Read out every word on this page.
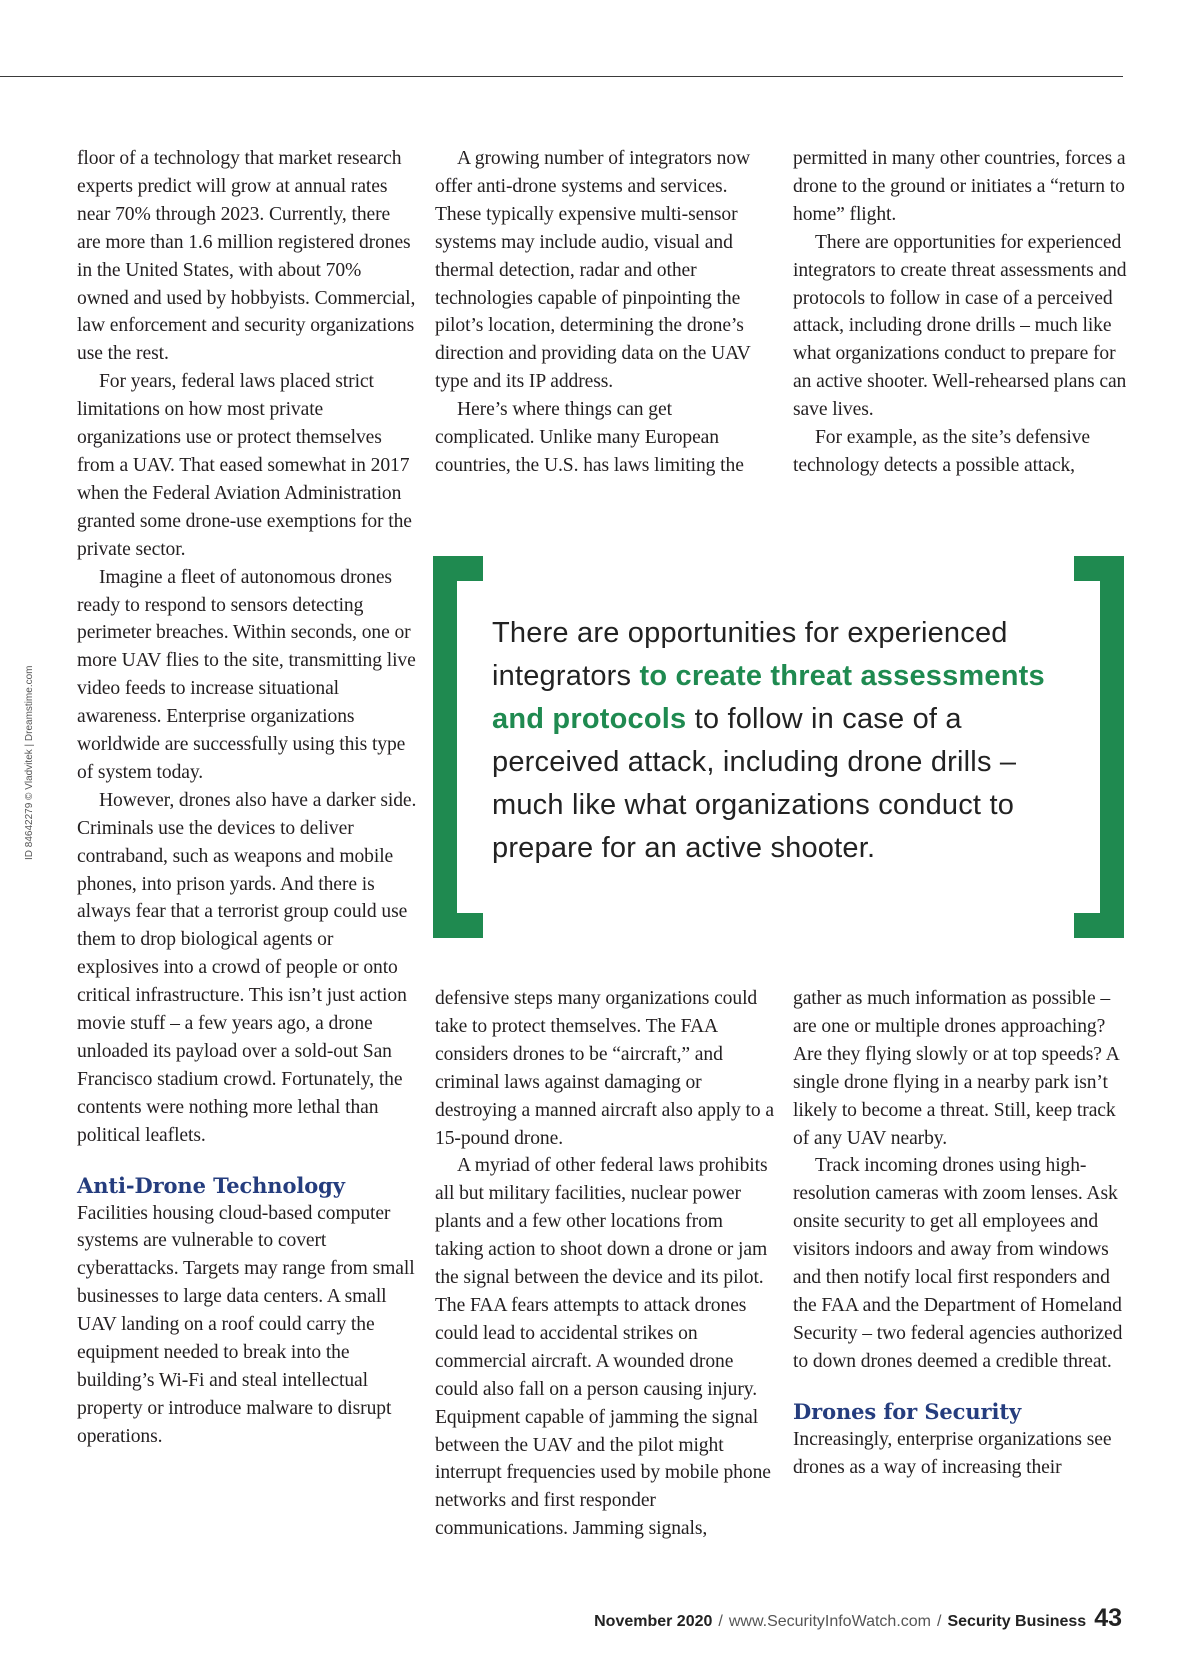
ID 84642279 © Vladvitek | Dreamstime.com

floor of a technology that market research experts predict will grow at annual rates near 70% through 2023. Currently, there are more than 1.6 million registered drones in the United States, with about 70% owned and used by hobbyists. Commercial, law enforcement and security organizations use the rest.

For years, federal laws placed strict limitations on how most private organizations use or protect themselves from a UAV. That eased somewhat in 2017 when the Federal Aviation Administration granted some drone-use exemptions for the private sector.

Imagine a fleet of autonomous drones ready to respond to sensors detecting perimeter breaches. Within seconds, one or more UAV flies to the site, transmitting live video feeds to increase situational awareness. Enterprise organizations worldwide are successfully using this type of system today.

However, drones also have a darker side. Criminals use the devices to deliver contraband, such as weapons and mobile phones, into prison yards. And there is always fear that a terrorist group could use them to drop biological agents or explosives into a crowd of people or onto critical infrastructure. This isn’t just action movie stuff – a few years ago, a drone unloaded its payload over a sold-out San Francisco stadium crowd. Fortunately, the contents were nothing more lethal than political leaflets.

Anti-Drone Technology

Facilities housing cloud-based computer systems are vulnerable to covert cyberattacks. Targets may range from small businesses to large data centers. A small UAV landing on a roof could carry the equipment needed to break into the building’s Wi-Fi and steal intellectual property or introduce malware to disrupt operations.

A growing number of integrators now offer anti-drone systems and services. These typically expensive multi-sensor systems may include audio, visual and thermal detection, radar and other technologies capable of pinpointing the pilot’s location, determining the drone’s direction and providing data on the UAV type and its IP address.

Here’s where things can get complicated. Unlike many European countries, the U.S. has laws limiting the

permitted in many other countries, forces a drone to the ground or initiates a “return to home” flight.

There are opportunities for experienced integrators to create threat assessments and protocols to follow in case of a perceived attack, including drone drills – much like what organizations conduct to prepare for an active shooter. Well-rehearsed plans can save lives.

For example, as the site’s defensive technology detects a possible attack,

There are opportunities for experienced integrators to create threat assessments and protocols to follow in case of a perceived attack, including drone drills – much like what organizations conduct to prepare for an active shooter.

defensive steps many organizations could take to protect themselves. The FAA considers drones to be “aircraft,” and criminal laws against damaging or destroying a manned aircraft also apply to a 15-pound drone.

A myriad of other federal laws prohibits all but military facilities, nuclear power plants and a few other locations from taking action to shoot down a drone or jam the signal between the device and its pilot. The FAA fears attempts to attack drones could lead to accidental strikes on commercial aircraft. A wounded drone could also fall on a person causing injury. Equipment capable of jamming the signal between the UAV and the pilot might interrupt frequencies used by mobile phone networks and first responder communications. Jamming signals,

gather as much information as possible – are one or multiple drones approaching? Are they flying slowly or at top speeds? A single drone flying in a nearby park isn’t likely to become a threat. Still, keep track of any UAV nearby.

Track incoming drones using high-resolution cameras with zoom lenses. Ask onsite security to get all employees and visitors indoors and away from windows and then notify local first responders and the FAA and the Department of Homeland Security – two federal agencies authorized to down drones deemed a credible threat.

Drones for Security

Increasingly, enterprise organizations see drones as a way of increasing their

November 2020 / www.SecurityInfoWatch.com / Security Business 43
